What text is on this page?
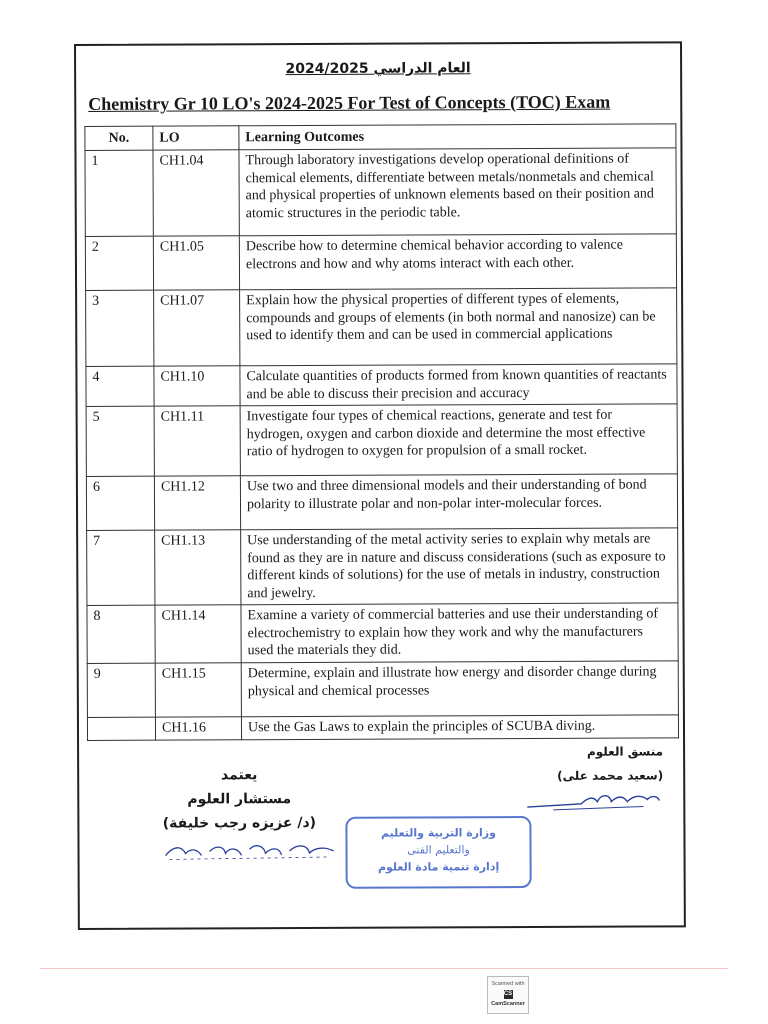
العام الدراسي 2024/2025
Chemistry Gr 10 LO's 2024-2025 For Test of Concepts (TOC) Exam
No.	LO	Learning Outcomes
1	CH1.04	Through laboratory investigations develop operational definitions of chemical elements, differentiate between metals/nonmetals and chemical and physical properties of unknown elements based on their position and atomic structures in the periodic table.
2	CH1.05	Describe how to determine chemical behavior according to valence electrons and how and why atoms interact with each other.
3	CH1.07	Explain how the physical properties of different types of elements, compounds and groups of elements (in both normal and nanosize) can be used to identify them and can be used in commercial applications
4	CH1.10	Calculate quantities of products formed from known quantities of reactants and be able to discuss their precision and accuracy
5	CH1.11	Investigate four types of chemical reactions, generate and test for hydrogen, oxygen and carbon dioxide and determine the most effective ratio of hydrogen to oxygen for propulsion of a small rocket.
6	CH1.12	Use two and three dimensional models and their understanding of bond polarity to illustrate polar and non-polar inter-molecular forces.
7	CH1.13	Use understanding of the metal activity series to explain why metals are found as they are in nature and discuss considerations (such as exposure to different kinds of solutions) for the use of metals in industry, construction and jewelry.
8	CH1.14	Examine a variety of commercial batteries and use their understanding of electrochemistry to explain how they work and why the manufacturers used the materials they did.
9	CH1.15	Determine, explain and illustrate how energy and disorder change during physical and chemical processes
	CH1.16	Use the Gas Laws to explain the principles of SCUBA diving.
منسق العلوم
(سعيد محمد على)
يعتمد
مستشار العلوم
(د/ عزيزه رجب خليفة)
وزارة التربية والتعليم
والتعليم الفنى
إدارة تنمية مادة العلوم
Scanned with
CS
CamScanner
